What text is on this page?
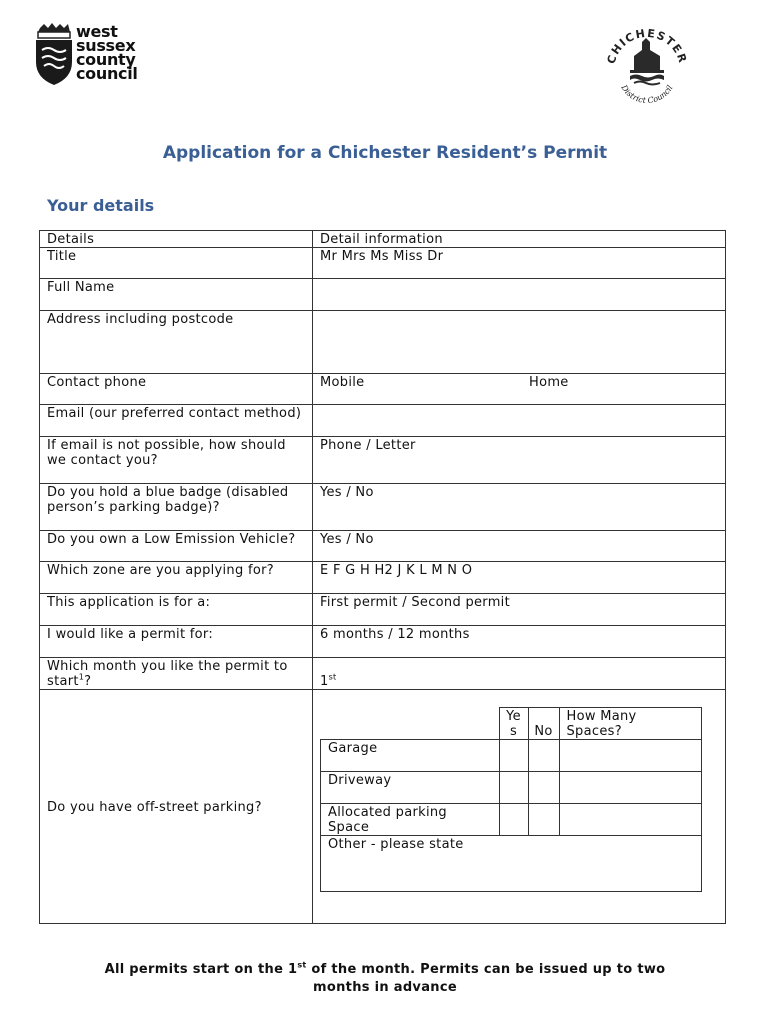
west
sussex
county
council
CHICHESTER
District Council
Application for a Chichester Resident’s Permit
Your details
Details	Detail information
Title	Mr Mrs Ms Miss Dr
Full Name	
Address including postcode	
Contact phone	Mobile	Home

Email (our preferred contact method)	
If email is not possible, how should we contact you?	Phone / Letter
Do you hold a blue badge (disabled person’s parking badge)?	Yes / No
Do you own a Low Emission Vehicle?	Yes / No
Which zone are you applying for?	E F G H H2 J K L M N O
This application is for a:	First permit / Second permit
I would like a permit for:	6 months / 12 months
Which month you like the permit to start$^1$?	1st
Do you have off-street parking?	
	Ye s	No	How Many Spaces?
Garage			
Driveway			
Allocated parking Space			
Other - please state
All permits start on the 1st of the month. Permits can be issued up to two
months in advance
